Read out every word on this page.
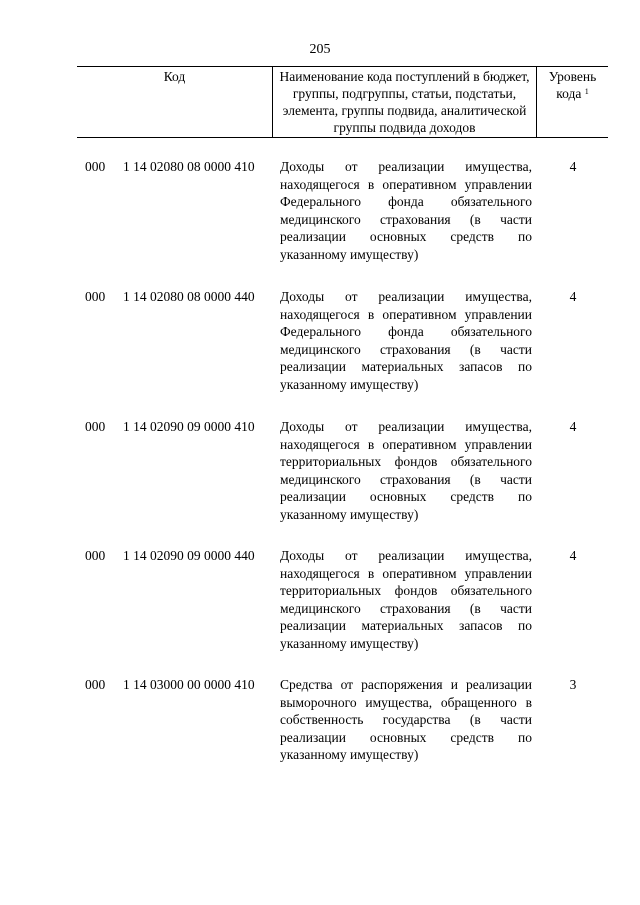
205
Код	Наименование кода поступлений в бюджет, группы, подгруппы, статьи, подстатьи, элемента, группы подвида, аналитической группы подвида доходов
Уровень кода $^1$
000 1 14 02080 08 0000 410 Доходы от реализации имущества, находящегося в оперативном управлении Федерального фонда обязательного медицинского страхования (в части реализации основных средств по указанному имуществу)
4
000 1 14 02080 08 0000 440 Доходы от реализации имущества, находящегося в оперативном управлении Федерального фонда обязательного медицинского страхования (в части реализации материальных запасов по указанному имуществу)
4
000 1 14 02090 09 0000 410 Доходы от реализации имущества, находящегося в оперативном управлении территориальных фондов обязательного медицинского страхования (в части реализации основных средств по указанному имуществу)
4
000 1 14 02090 09 0000 440 Доходы от реализации имущества, находящегося в оперативном управлении территориальных фондов обязательного медицинского страхования (в части реализации материальных запасов по указанному имуществу)
4
000 1 14 03000 00 0000 410 Средства от распоряжения и реализации выморочного имущества, обращенного в собственность государства (в части реализации основных средств по указанному имуществу)
3
